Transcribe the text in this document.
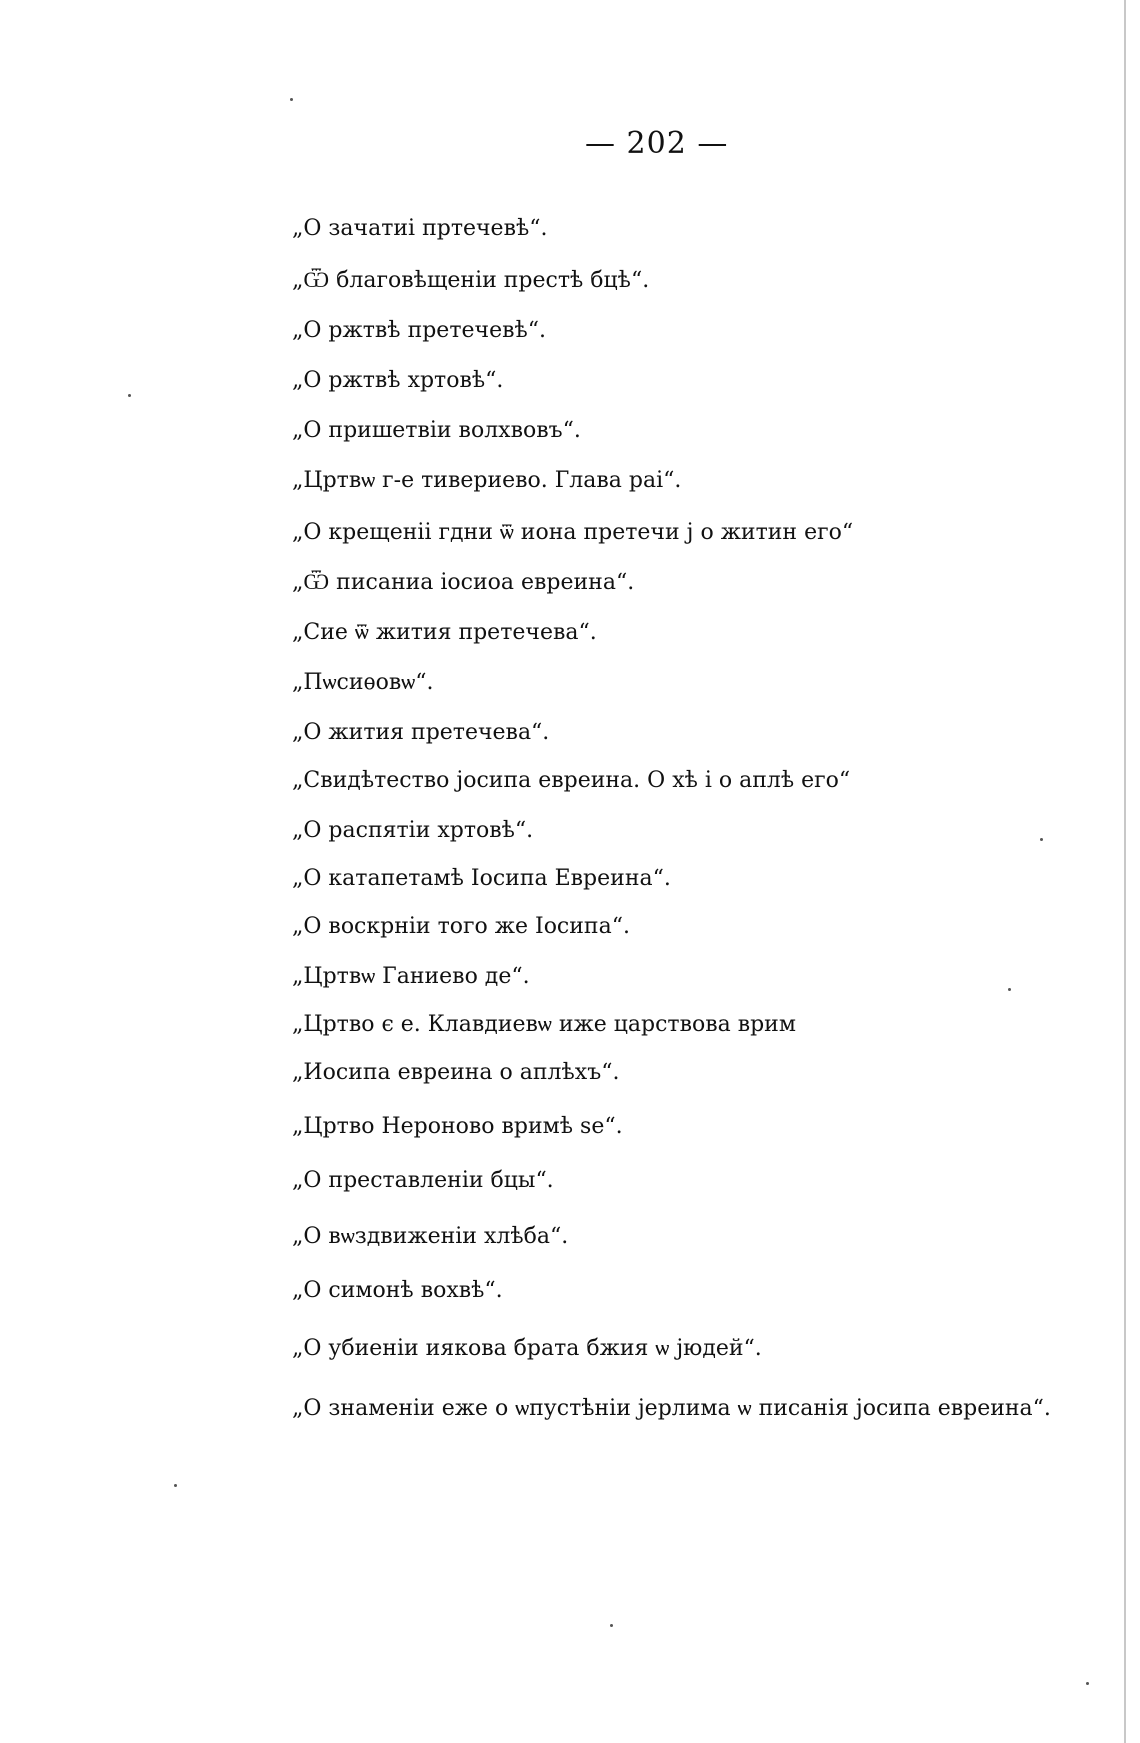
— 202 —
„О зачатиі пртечевѣ“.
„Ѿ благовѣщеніи престѣ бцѣ“.
„О ржтвѣ претечевѣ“.
„О ржтвѣ хртовѣ“.
„О пришетвіи волхвовъ“.
„Цртвѡ г-е тивериево. Глава раі“.
„О крещеніі гдни ѿ иона претечи ј о житин его“
„Ѿ писаниа іосиоа евреина“.
„Сие ѿ жития претечева“.
„Пѡсиѳовѡ“.
„О жития претечева“.
„Свидѣтество јосипа евреина. О хѣ і о аплѣ его“
„О распятіи хртовѣ“.
„О катапетамѣ Іосипа Евреина“.
„О воскрніи того же Іосипа“.
„Цртвѡ Ганиево де“.
„Цртво є е. Клавдиевѡ иже царствова врим
„Иосипа евреина о аплѣхъ“.
„Цртво Нероново вримѣ ѕе“.
„О преставленіи бцы“.
„О вѡздвиженіи хлѣба“.
„О симонѣ вохвѣ“.
„О убиеніи иякова брата бжия ѡ јюдей“.
„О знаменіи еже о ѡпустѣніи јерлима ѡ писанія јосипа евреина“.
